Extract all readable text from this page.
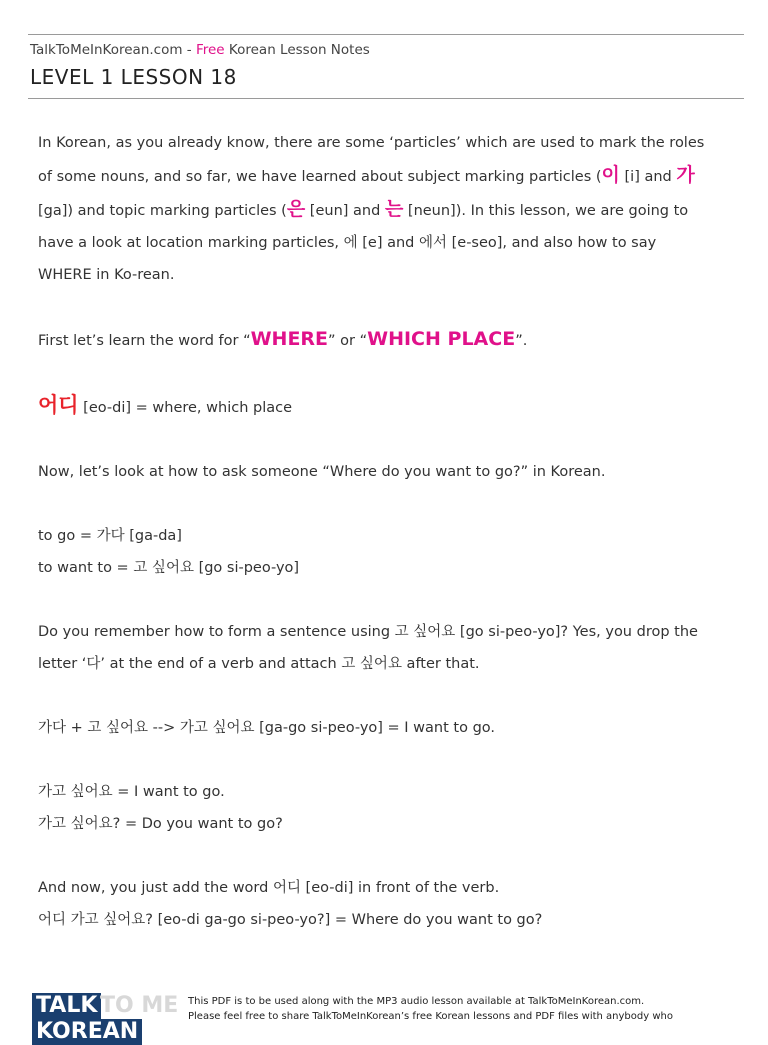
TalkToMeInKorean.com - Free Korean Lesson Notes
LEVEL 1 LESSON 18

In Korean, as you already know, there are some ‘particles’ which are used to mark the roles of some nouns, and so far, we have learned about subject marking particles (이 [i] and 가 [ga]) and topic marking particles (은 [eun] and 는 [neun]). In this lesson, we are going to have a look at location marking particles, 에 [e] and 에서 [e-seo], and also how to say WHERE in Ko-rean.

First let’s learn the word for “WHERE” or “WHICH PLACE”.

어디 [eo-di] = where, which place

Now, let’s look at how to ask someone “Where do you want to go?” in Korean.

to go = 가다 [ga-da]

to want to = 고 싶어요 [go si-peo-yo]

Do you remember how to form a sentence using 고 싶어요 [go si-peo-yo]? Yes, you drop the letter ‘다’ at the end of a verb and attach 고 싶어요 after that.

가다 + 고 싶어요 --> 가고 싶어요 [ga-go si-peo-yo] = I want to go.

가고 싶어요 = I want to go.

가고 싶어요? = Do you want to go?

And now, you just add the word 어디 [eo-di] in front of the verb.

어디 가고 싶어요? [eo-di ga-go si-peo-yo?] = Where do you want to go?

TALK TO ME
KOREAN
This PDF is to be used along with the MP3 audio lesson available at TalkToMeInKorean.com.
Please feel free to share TalkToMeInKorean’s free Korean lessons and PDF files with anybody who
